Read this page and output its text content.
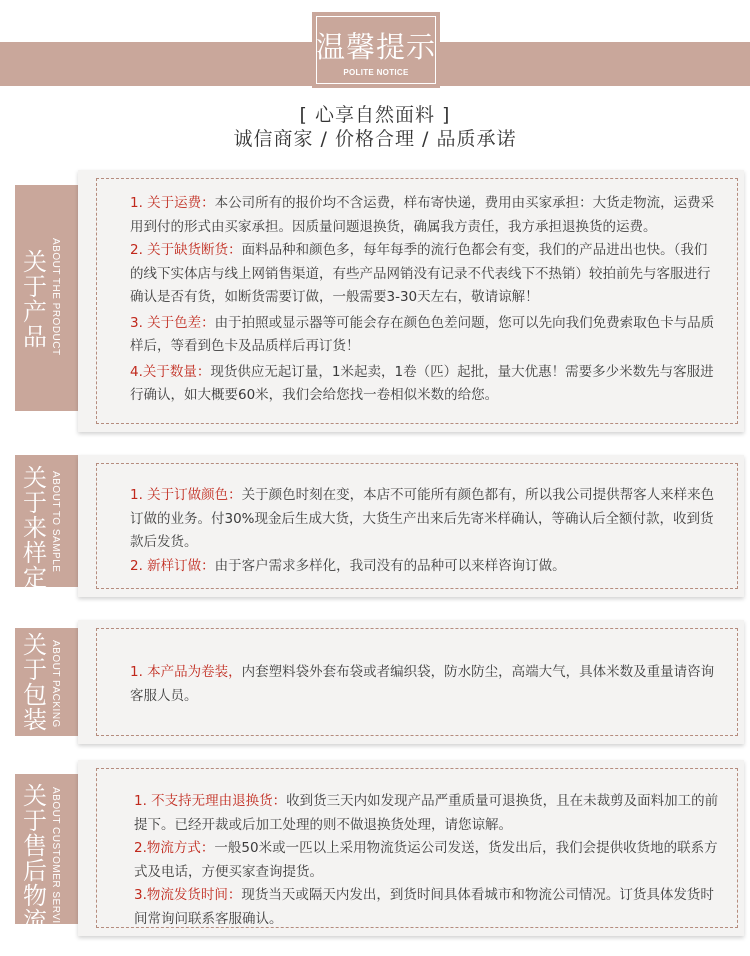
温馨提示
POLITE NOTICE
[ 心享自然面料 ]
诚信商家 / 价格合理 / 品质承诺
关于产品 ABOUT THE PRODUCT

1. 关于运费：本公司所有的报价均不含运费，样布寄快递，费用由买家承担：大货走物流，运费采用到付的形式由买家承担。因质量问题退换货，确属我方责任，我方承担退换货的运费。

2. 关于缺货断货：面料品种和颜色多，每年每季的流行色都会有变，我们的产品进出也快。（我们的线下实体店与线上网销售渠道，有些产品网销没有记录不代表线下不热销）较拍前先与客服进行确认是否有货，如断货需要订做，一般需要3-30天左右，敬请谅解！

3. 关于色差：由于拍照或显示器等可能会存在颜色色差问题，您可以先向我们免费索取色卡与品质样后，等看到色卡及品质样后再订货！

4.关于数量：现货供应无起订量，1米起卖，1卷（匹）起批，量大优惠！需要多少米数先与客服进行确认，如大概要60米，我们会给您找一卷相似米数的给您。

关于来样定制
ABOUT TO SAMPLE	1. 关于订做颜色：关于颜色时刻在变，本店不可能所有颜色都有，所以我公司提供帮客人来样来色订做的业务。付30%现金后生成大货，大货生产出来后先寄米样确认，等确认后全额付款，收到货款后发货。

2. 新样订做：由于客户需求多样化，我司没有的品种可以来样咨询订做。

关于包装 ABOUT PACKING	1. 本产品为卷装，内套塑料袋外套布袋或者编织袋，防水防尘，高端大气，具体米数及重量请咨询客服人员。

关于售后物流 ABOUT CUSTOMER SERVICE	1. 不支持无理由退换货：收到货三天内如发现产品严重质量可退换货，且在未裁剪及面料加工的前提下。已经开裁或后加工处理的则不做退换货处理，请您谅解。

2.物流方式：一般50米或一匹以上采用物流货运公司发送，货发出后，我们会提供收货地的联系方式及电话，方便买家查询提货。

3.物流发货时间：现货当天或隔天内发出，到货时间具体看城市和物流公司情况。订货具体发货时间常询问联系客服确认。
